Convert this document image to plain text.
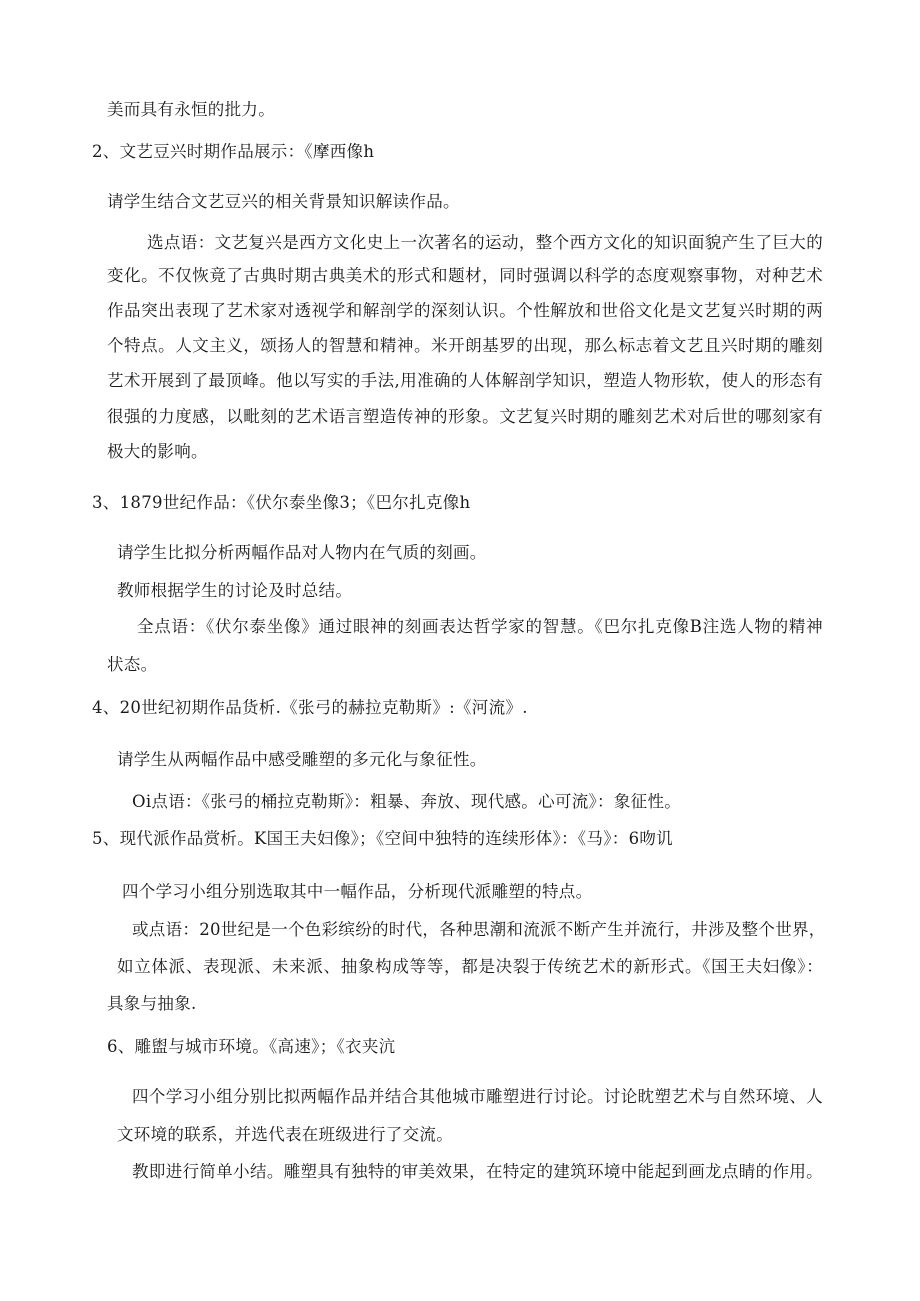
美而具有永恒的批力。
2、文艺豆兴时期作品展示：《摩西像h
请学生结合文艺豆兴的相关背景知识解读作品。
选点语：文艺复兴是西方文化史上一次著名的运动，整个西方文化的知识面貌产生了巨大的
变化。不仅恢竟了古典时期古典美术的形式和题材，同时强调以科学的态度观察事物，对种艺术
作品突出表现了艺术家对透视学和解剖学的深刻认识。个性解放和世俗文化是文艺复兴时期的两
个特点。人文主义，颂扬人的智慧和精神。米开朗基罗的出现，那么标志着文艺且兴时期的雕刻
艺术开展到了最顶峰。他以写实的手法,用准确的人体解剖学知识，塑造人物形软，使人的形态有
很强的力度感，以毗刻的艺术语言塑造传神的形象。文艺复兴时期的雕刻艺术对后世的哪刻家有
极大的影响。
3、1879世纪作品：《伏尔泰坐像3；《巴尔扎克像h
请学生比拟分析两幅作品对人物内在气质的刻画。
教师根据学生的讨论及时总结。
全点语：《伏尔泰坐像》通过眼神的刻画表达哲学家的智慧。《巴尔扎克像B注选人物的精神
状态。
4、20世纪初期作品货析.《张弓的赫拉克勒斯》:《河流》.
请学生从两幅作品中感受雕塑的多元化与象征性。
Oi点语：《张弓的桶拉克勒斯》：粗暴、奔放、现代感。心可流》：象征性。
5、现代派作品赏析。K国王夫妇像》；《空间中独特的连续形体》：《马》：6吻讥
四个学习小组分别选取其中一幅作品，分析现代派雕塑的特点。
或点语：20世纪是一个色彩缤纷的时代，各种思潮和流派不断产生并流行，井涉及整个世界，
如立体派、表现派、未来派、抽象构成等等，都是决裂于传统艺术的新形式。《国王夫妇像》：
具象与抽象.
6、雕盥与城市环境。《高速》；《衣夹沆
四个学习小组分别比拟两幅作品并结合其他城市雕塑进行讨论。讨论眈塑艺术与自然环境、人
文环境的联系，并选代表在班级进行了交流。
教即进行简单小结。雕塑具有独特的审美效果，在特定的建筑环境中能起到画龙点睛的作用。
